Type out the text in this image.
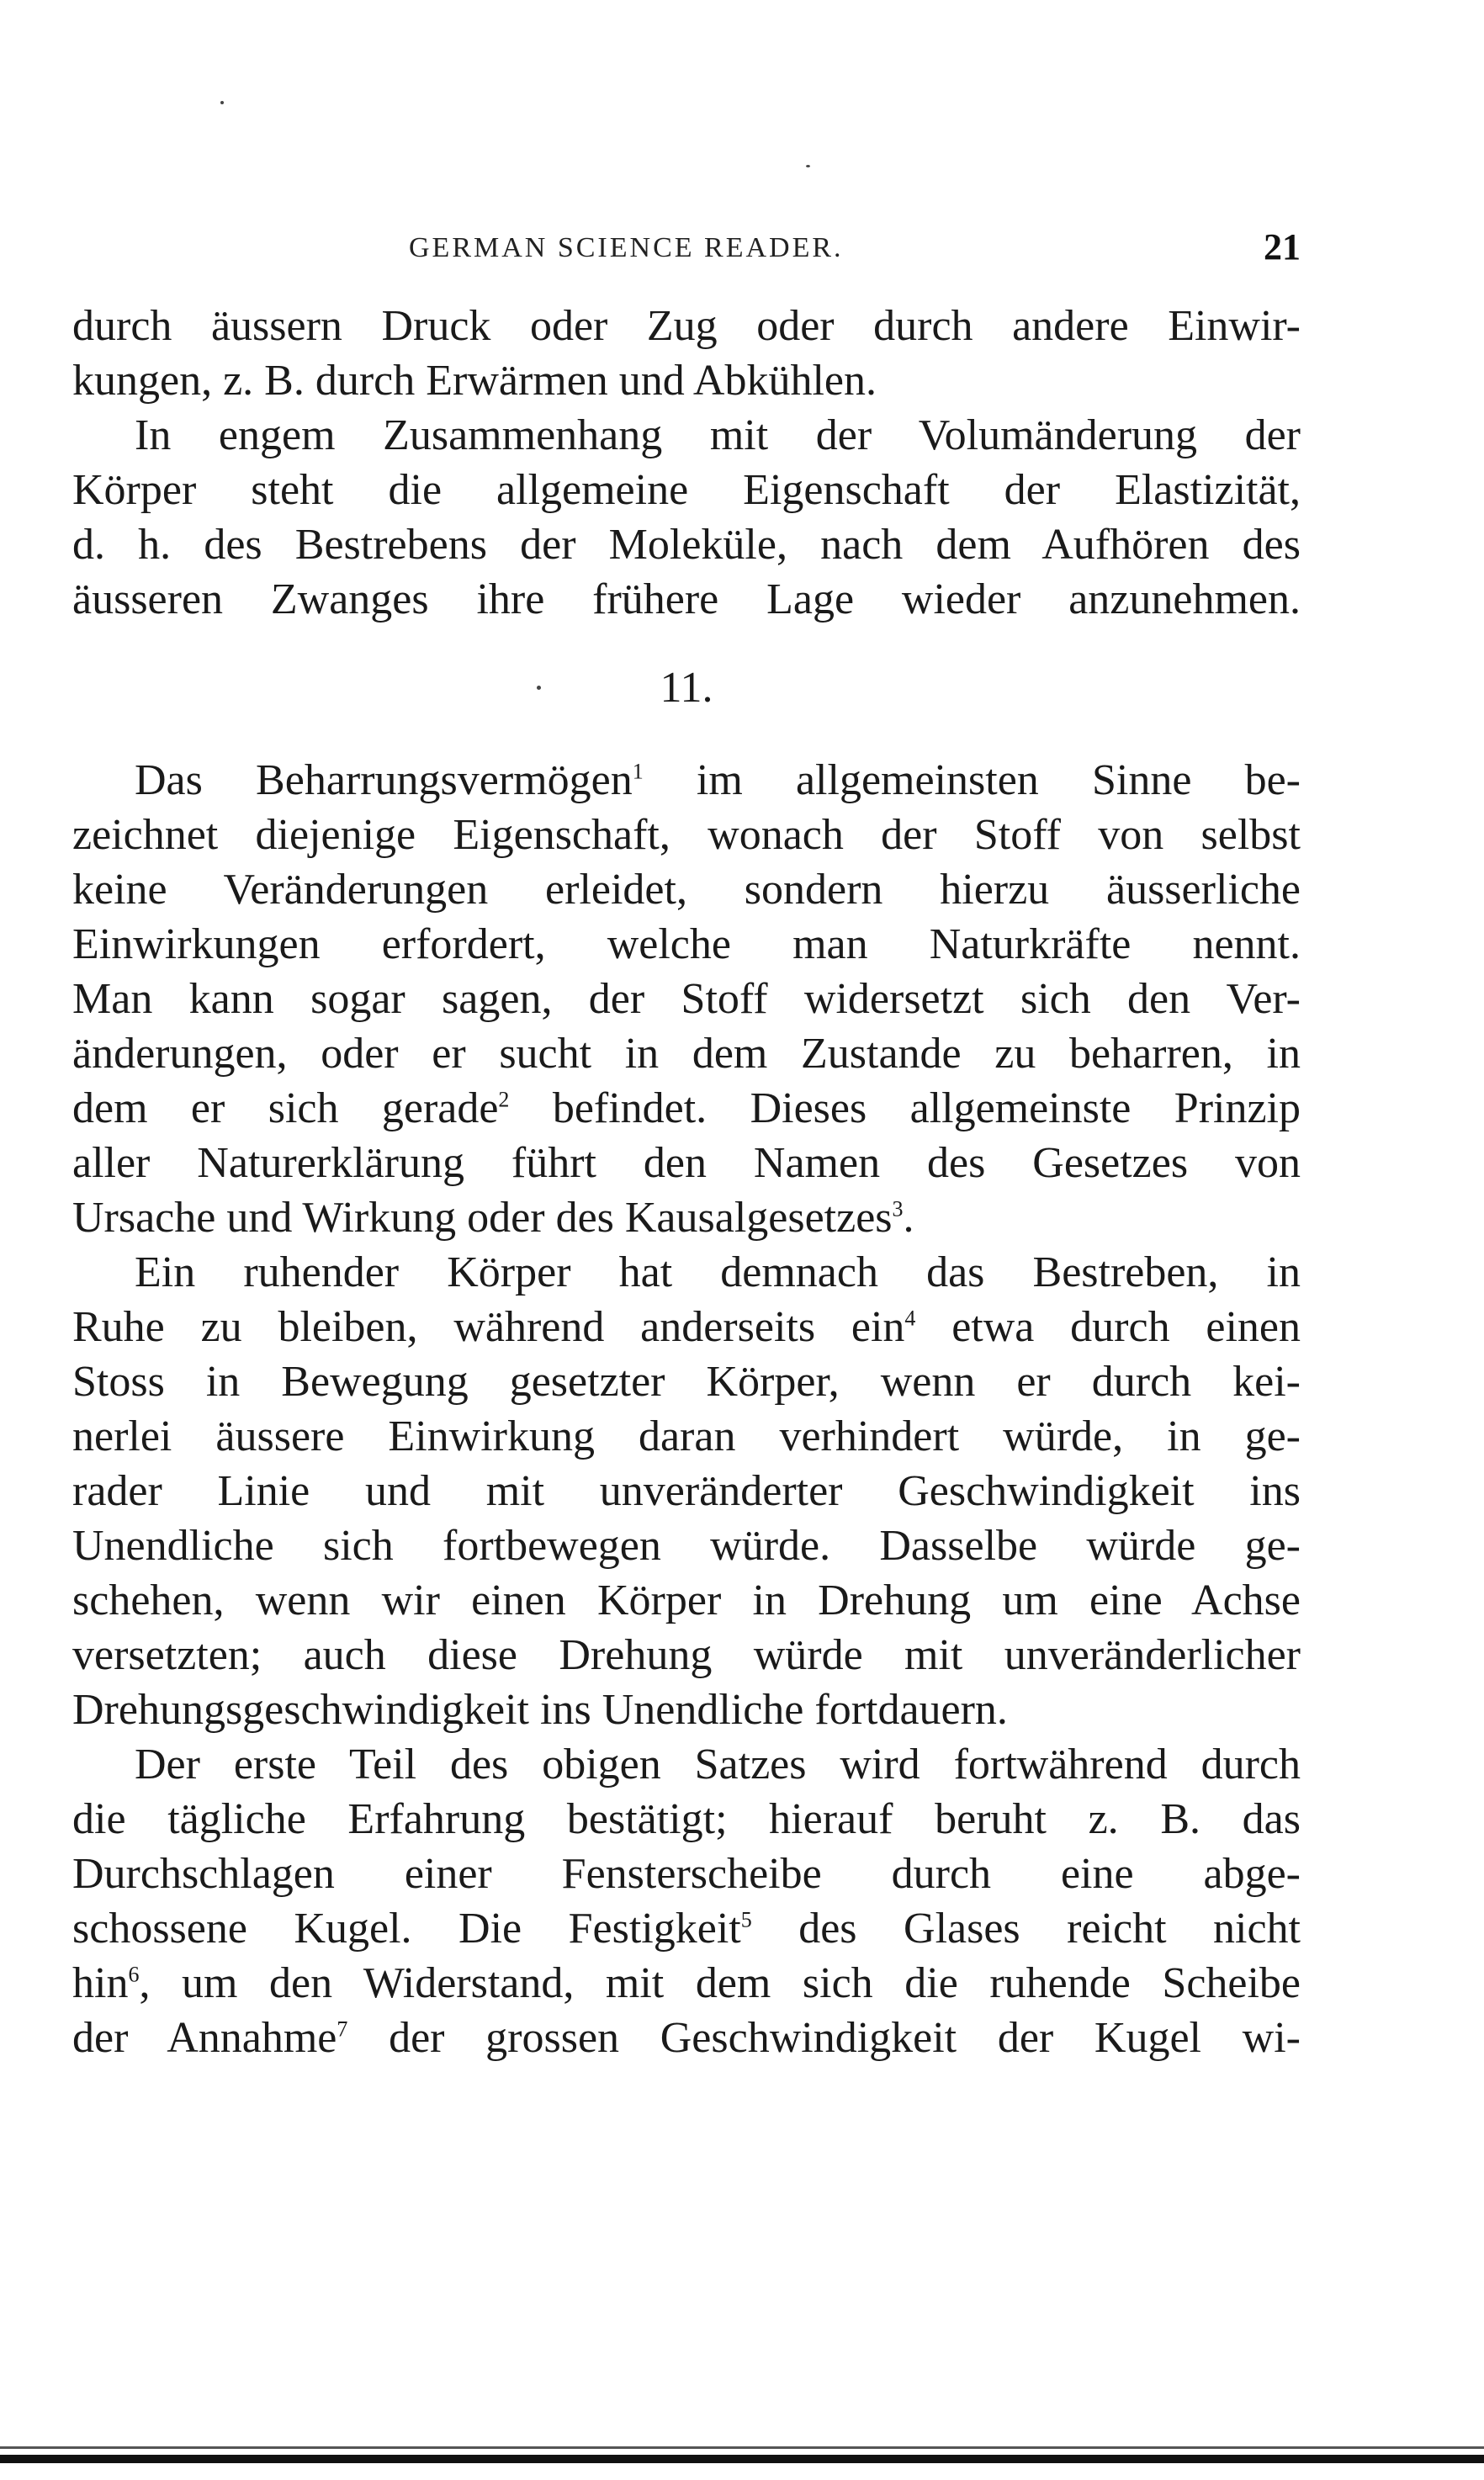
GERMAN SCIENCE READER.	21
durch äussern Druck oder Zug oder durch andere Einwir-
kungen, z. B. durch Erwärmen und Abkühlen.
In engem Zusammenhang mit der Volumänderung der
Körper steht die allgemeine Eigenschaft der Elastizität,
d. h. des Bestrebens der Moleküle, nach dem Aufhören des
äusseren Zwanges ihre frühere Lage wieder anzunehmen.
11.
Das Beharrungsvermögen$^1$ im allgemeinsten Sinne be-
zeichnet diejenige Eigenschaft, wonach der Stoff von selbst
keine Veränderungen erleidet, sondern hierzu äusserliche
Einwirkungen erfordert, welche man Naturkräfte nennt.
Man kann sogar sagen, der Stoff widersetzt sich den Ver-
änderungen, oder er sucht in dem Zustande zu beharren, in
dem er sich gerade$^2$ befindet. Dieses allgemeinste Prinzip
aller Naturerklärung führt den Namen des Gesetzes von
Ursache und Wirkung oder des Kausalgesetzes$^3$.
Ein ruhender Körper hat demnach das Bestreben, in
Ruhe zu bleiben, während anderseits ein$^4$ etwa durch einen
Stoss in Bewegung gesetzter Körper, wenn er durch kei-
nerlei äussere Einwirkung daran verhindert würde, in ge-
rader Linie und mit unveränderter Geschwindigkeit ins
Unendliche sich fortbewegen würde. Dasselbe würde ge-
schehen, wenn wir einen Körper in Drehung um eine Achse
versetzten; auch diese Drehung würde mit unveränderlicher
Drehungsgeschwindigkeit ins Unendliche fortdauern.
Der erste Teil des obigen Satzes wird fortwährend durch
die tägliche Erfahrung bestätigt; hierauf beruht z. B. das
Durchschlagen einer Fensterscheibe durch eine abge-
schossene Kugel. Die Festigkeit$^5$ des Glases reicht nicht
hin$^6$, um den Widerstand, mit dem sich die ruhende Scheibe
der Annahme$^7$ der grossen Geschwindigkeit der Kugel wi-
